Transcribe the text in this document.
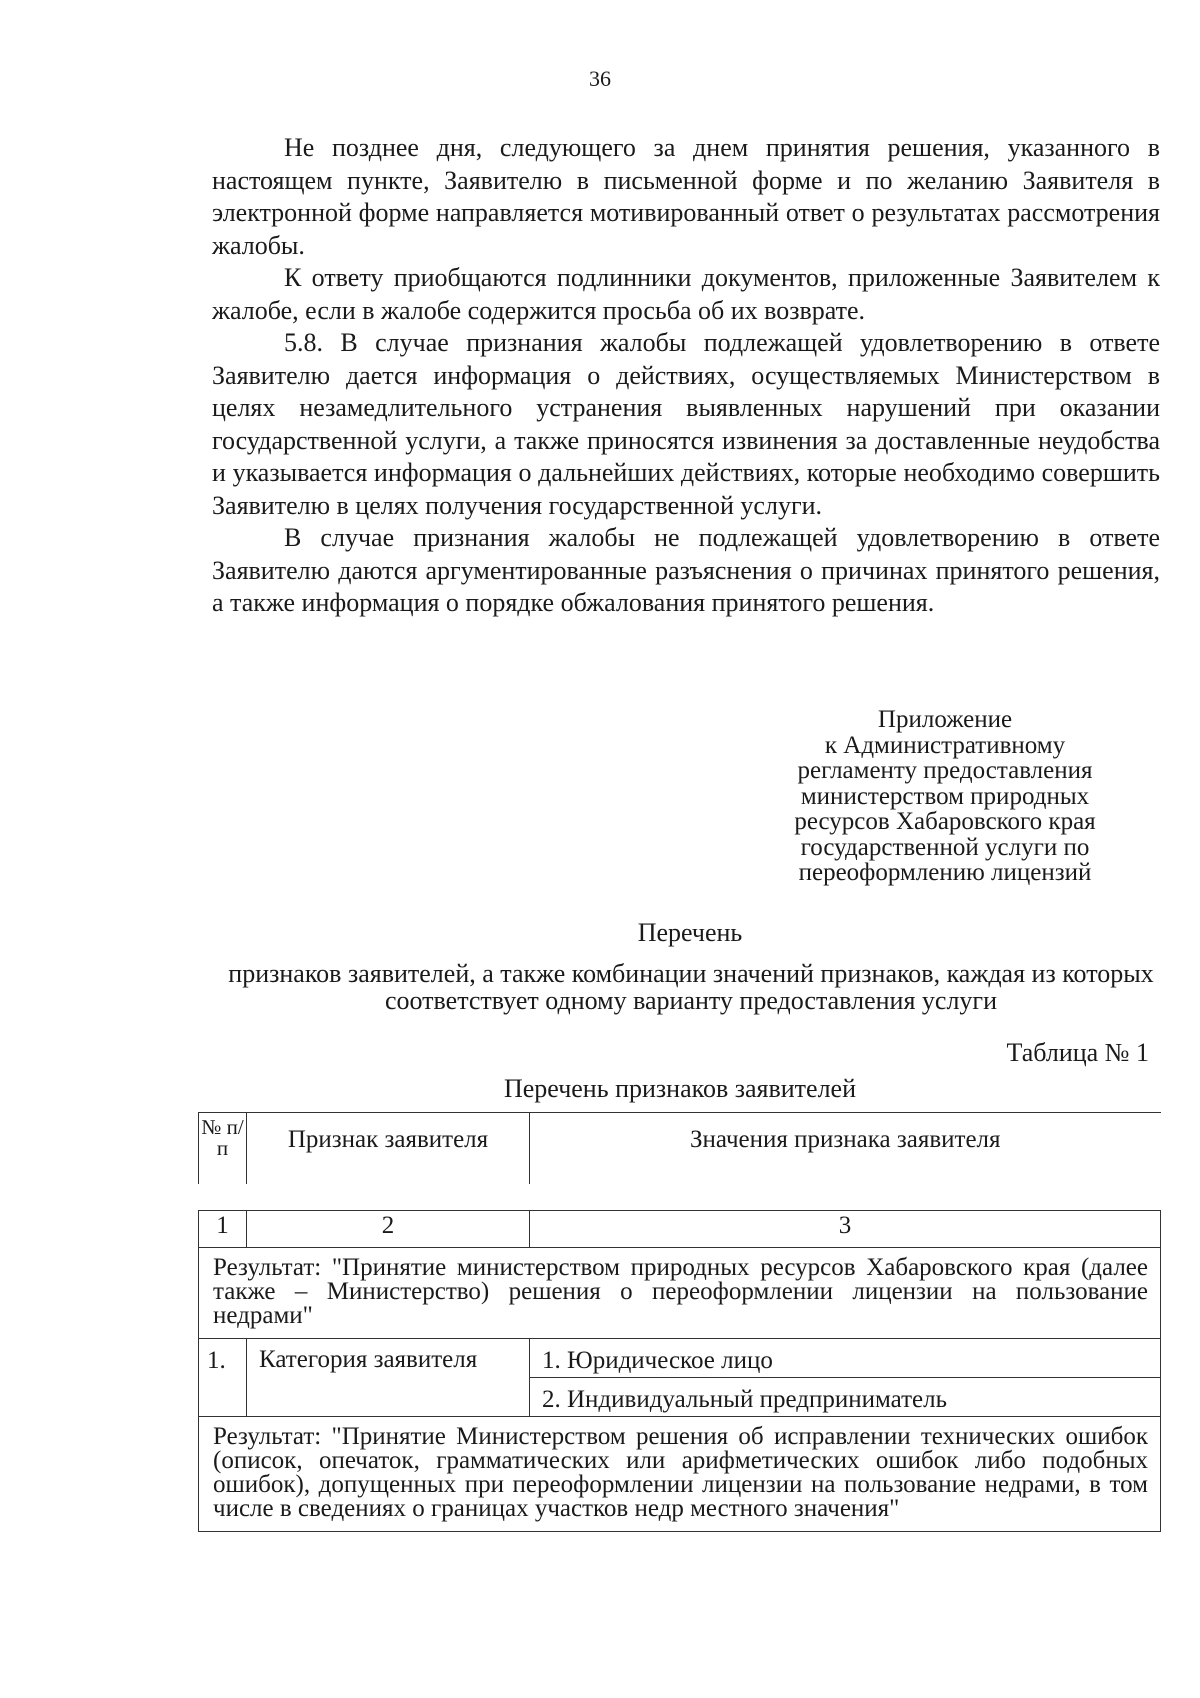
36

Не позднее дня, следующего за днем принятия решения, указанного в настоящем пункте, Заявителю в письменной форме и по желанию Заявителя в электронной форме направляется мотивированный ответ о результатах рассмотрения жалобы.

К ответу приобщаются подлинники документов, приложенные Заявителем к жалобе, если в жалобе содержится просьба об их возврате.

5.8. В случае признания жалобы подлежащей удовлетворению в ответе Заявителю дается информация о действиях, осуществляемых Министерством в целях незамедлительного устранения выявленных нарушений при оказании государственной услуги, а также приносятся извинения за доставленные неудобства и указывается информация о дальнейших действиях, которые необходимо совершить Заявителю в целях получения государственной услуги.

В случае признания жалобы не подлежащей удовлетворению в ответе Заявителю даются аргументированные разъяснения о причинах принятого решения, а также информация о порядке обжалования принятого решения.

Приложение
к Административному
регламенту предоставления
министерством природных
ресурсов Хабаровского края
государственной услуги по
переоформлению лицензий
Перечень
признаков заявителей, а также комбинации значений признаков, каждая из которых соответствует одному варианту предоставления услуги
Таблица № 1
Перечень признаков заявителей
№ п/п	Признак заявителя	Значения признака заявителя
1	2	3
Результат: "Принятие министерством природных ресурсов Хабаровского края (далее также – Министерство) решения о переоформлении лицензии на пользование недрами"		
1.	Категория заявителя	1. Юридическое лицо
		2. Индивидуальный предприниматель
Результат: "Принятие Министерством решения об исправлении технических ошибок (описок, опечаток, грамматических или арифметических ошибок либо подобных ошибок), допущенных при переоформлении лицензии на пользование недрами, в том числе в сведениях о границах участков недр местного значения"		
